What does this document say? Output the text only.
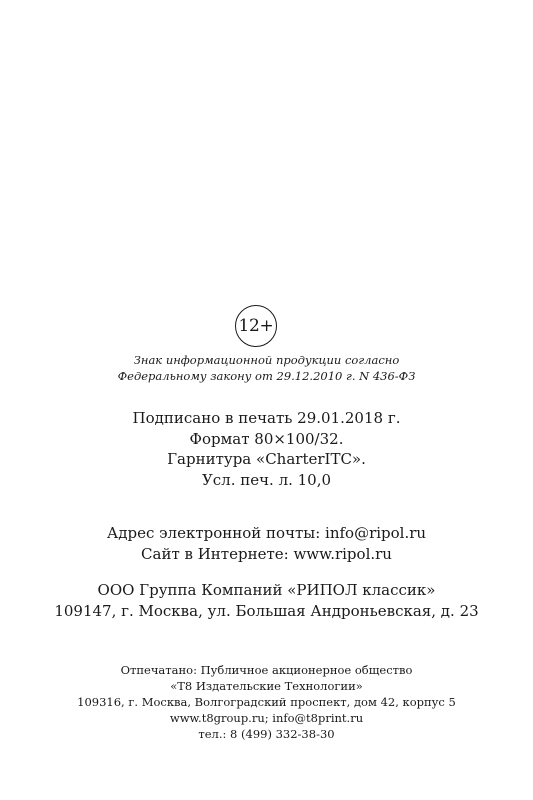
12+
Знак информационной продукции согласно
Федеральному закону от 29.12.2010 г. N 436-ФЗ
Подписано в печать 29.01.2018 г.
Формат 80×100/32.
Гарнитура «CharterITC».
Усл. печ. л. 10,0
Адрес электронной почты: info@ripol.ru
Сайт в Интернете: www.ripol.ru
ООО Группа Компаний «РИПОЛ классик»
109147, г. Москва, ул. Большая Андроньевская, д. 23
Отпечатано: Публичное акционерное общество
«Т8 Издательские Технологии»
109316, г. Москва, Волгоградский проспект, дом 42, корпус 5
www.t8group.ru; info@t8print.ru
тел.: 8 (499) 332-38-30
